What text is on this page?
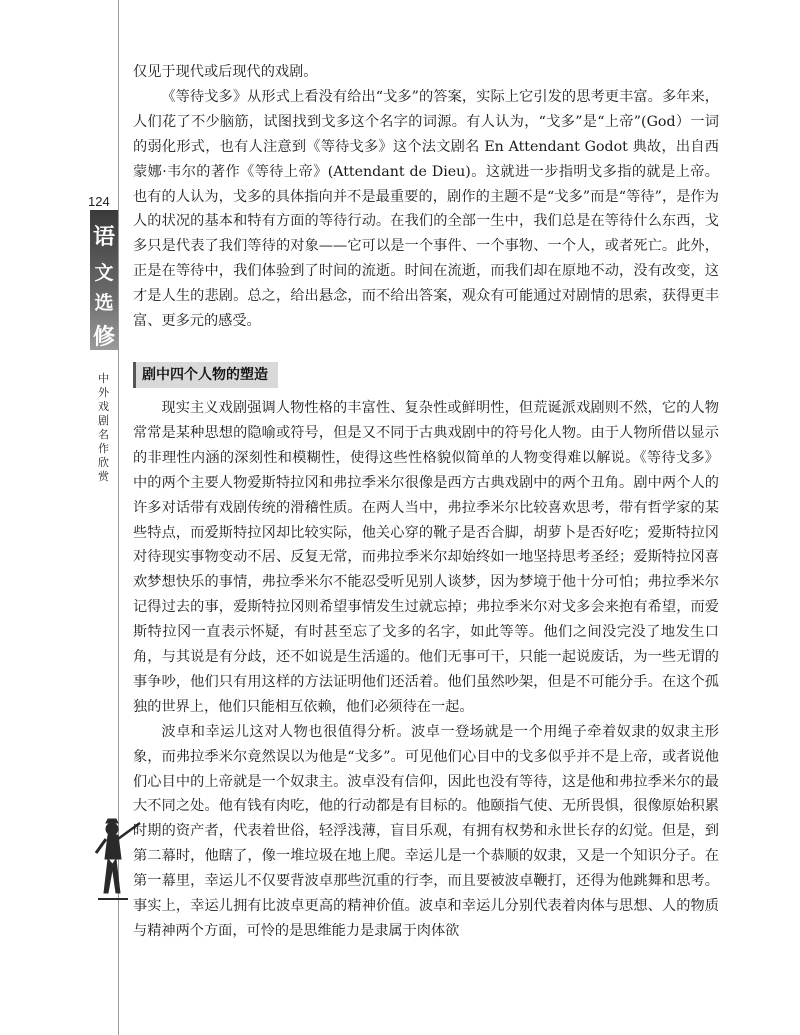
124
语
文
选
修
中外戏剧名作欣赏

仅见于现代或后现代的戏剧。

《等待戈多》从形式上看没有给出“戈多”的答案，实际上它引发的思考更丰富。多年来，人们花了不少脑筋，试图找到戈多这个名字的词源。有人认为，“戈多”是“上帝”(God）一词的弱化形式，也有人注意到《等待戈多》这个法文剧名 En Attendant Godot 典故，出自西蒙娜·韦尔的著作《等待上帝》(Attendant de Dieu)。这就进一步指明戈多指的就是上帝。也有的人认为，戈多的具体指向并不是最重要的，剧作的主题不是“戈多”而是“等待”，是作为人的状况的基本和特有方面的等待行动。在我们的全部一生中，我们总是在等待什么东西，戈多只是代表了我们等待的对象——它可以是一个事件、一个事物、一个人，或者死亡。此外，正是在等待中，我们体验到了时间的流逝。时间在流逝，而我们却在原地不动，没有改变，这才是人生的悲剧。总之，给出悬念，而不给出答案，观众有可能通过对剧情的思索，获得更丰富、更多元的感受。

剧中四个人物的塑造

现实主义戏剧强调人物性格的丰富性、复杂性或鲜明性，但荒诞派戏剧则不然，它的人物常常是某种思想的隐喻或符号，但是又不同于古典戏剧中的符号化人物。由于人物所借以显示的非理性内涵的深刻性和模糊性，使得这些性格貌似简单的人物变得难以解说。《等待戈多》中的两个主要人物爱斯特拉冈和弗拉季米尔很像是西方古典戏剧中的两个丑角。剧中两个人的许多对话带有戏剧传统的滑稽性质。在两人当中，弗拉季米尔比较喜欢思考，带有哲学家的某些特点，而爱斯特拉冈却比较实际，他关心穿的靴子是否合脚，胡萝卜是否好吃；爱斯特拉冈对待现实事物变动不居、反复无常，而弗拉季米尔却始终如一地坚持思考圣经；爱斯特拉冈喜欢梦想快乐的事情，弗拉季米尔不能忍受听见别人谈梦，因为梦境于他十分可怕；弗拉季米尔记得过去的事，爱斯特拉冈则希望事情发生过就忘掉；弗拉季米尔对戈多会来抱有希望，而爱斯特拉冈一直表示怀疑，有时甚至忘了戈多的名字，如此等等。他们之间没完没了地发生口角，与其说是有分歧，还不如说是生活遥的。他们无事可干，只能一起说废话，为一些无谓的事争吵，他们只有用这样的方法证明他们还活着。他们虽然吵架，但是不可能分手。在这个孤独的世界上，他们只能相互依赖，他们必须待在一起。

波卓和幸运儿这对人物也很值得分析。波卓一登场就是一个用绳子牵着奴隶的奴隶主形象，而弗拉季米尔竟然误以为他是“戈多”。可见他们心目中的戈多似乎并不是上帝，或者说他们心目中的上帝就是一个奴隶主。波卓没有信仰，因此也没有等待，这是他和弗拉季米尔的最大不同之处。他有钱有肉吃，他的行动都是有目标的。他颐指气使、无所畏惧，很像原始积累时期的资产者，代表着世俗，轻浮浅薄，盲目乐观，有拥有权势和永世长存的幻觉。但是，到第二幕时，他瞎了，像一堆垃圾在地上爬。幸运儿是一个恭顺的奴隶，又是一个知识分子。在第一幕里，幸运儿不仅要背波卓那些沉重的行李，而且要被波卓鞭打，还得为他跳舞和思考。事实上，幸运儿拥有比波卓更高的精神价值。波卓和幸运儿分别代表着肉体与思想、人的物质与精神两个方面，可怜的是思维能力是隶属于肉体欲
